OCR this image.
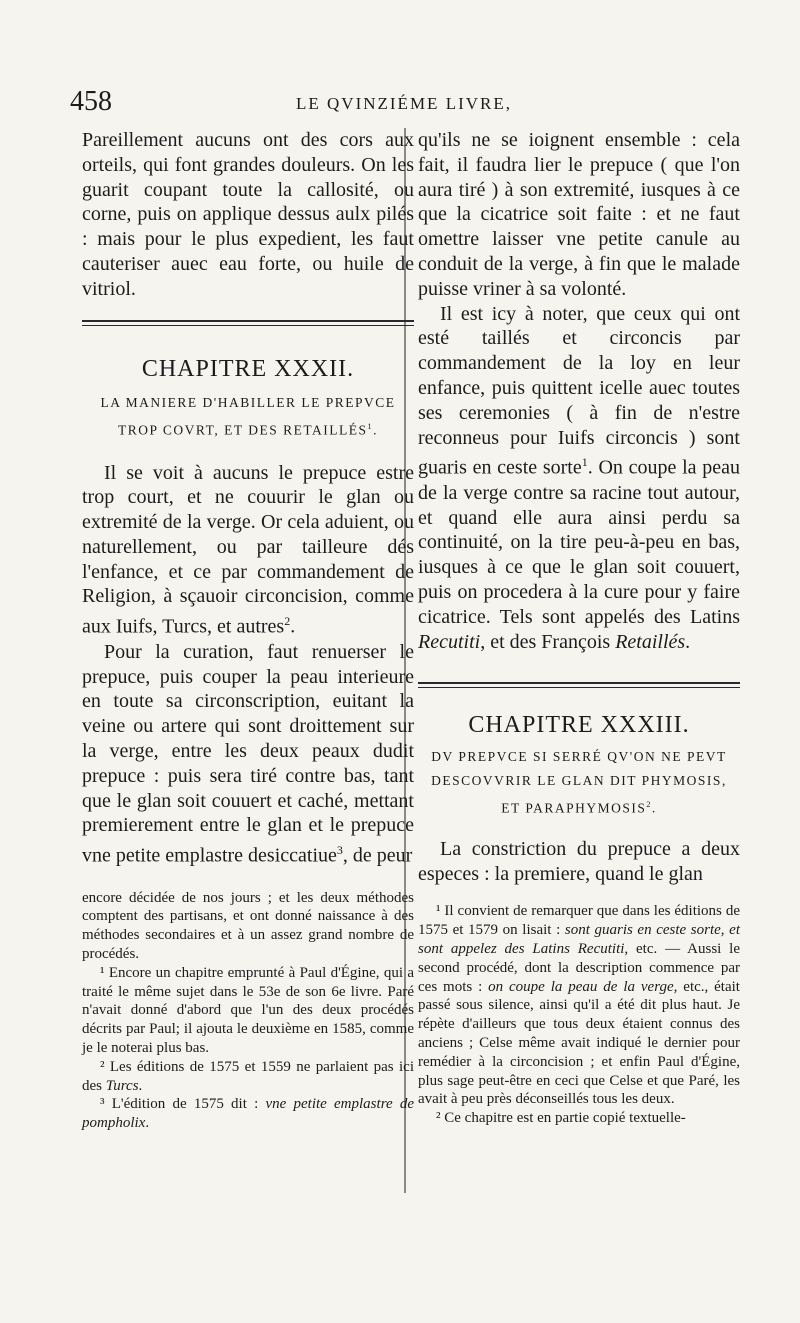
458	LE QVINZIÉME LIVRE,

Pareillement aucuns ont des cors aux orteils, qui font grandes douleurs. On les guarit coupant toute la callosité, ou corne, puis on applique dessus aulx pilés : mais pour le plus expedient, les faut cauteriser auec eau forte, ou huile de vitriol.

CHAPITRE XXXII.

LA MANIERE D'HABILLER LE PREPVCE

TROP COVRT, ET DES RETAILLÉS$^1$.

Il se voit à aucuns le prepuce estre trop court, et ne couurir le glan ou extremité de la verge. Or cela aduient, ou naturellement, ou par tailleure dés l'enfance, et ce par commandement de Religion, à sçauoir circoncision, comme aux Iuifs, Turcs, et autres$^2$.

Pour la curation, faut renuerser le prepuce, puis couper la peau interieure en toute sa circonscription, euitant la veine ou artere qui sont droittement sur la verge, entre les deux peaux dudit prepuce : puis sera tiré contre bas, tant que le glan soit couuert et caché, mettant premierement entre le glan et le prepuce vne petite emplastre desiccatiue$^3$, de peur

encore décidée de nos jours ; et les deux méthodes comptent des partisans, et ont donné naissance à des méthodes secondaires et à un assez grand nombre de procédés.

¹ Encore un chapitre emprunté à Paul d'Égine, qui a traité le même sujet dans le 53e de son 6e livre. Paré n'avait donné d'abord que l'un des deux procédés décrits par Paul; il ajouta le deuxième en 1585, comme je le noterai plus bas.

² Les éditions de 1575 et 1559 ne parlaient pas ici des Turcs.

³ L'édition de 1575 dit : vne petite emplastre de pompholix.

qu'ils ne se ioignent ensemble : cela fait, il faudra lier le prepuce ( que l'on aura tiré ) à son extremité, iusques à ce que la cicatrice soit faite : et ne faut omettre laisser vne petite canule au conduit de la verge, à fin que le malade puisse vriner à sa volonté.

Il est icy à noter, que ceux qui ont esté taillés et circoncis par commandement de la loy en leur enfance, puis quittent icelle auec toutes ses ceremonies ( à fin de n'estre reconneus pour Iuifs circoncis ) sont guaris en ceste sorte$^1$. On coupe la peau de la verge contre sa racine tout autour, et quand elle aura ainsi perdu sa continuité, on la tire peu-à-peu en bas, iusques à ce que le glan soit couuert, puis on procedera à la cure pour y faire cicatrice. Tels sont appelés des Latins Recutiti, et des François Retaillés.

CHAPITRE XXXIII.

DV PREPVCE SI SERRÉ QV'ON NE PEVT

DESCOVVRIR LE GLAN DIT PHYMOSIS,

ET PARAPHYMOSIS$^2$.

La constriction du prepuce a deux especes : la premiere, quand le glan

¹ Il convient de remarquer que dans les éditions de 1575 et 1579 on lisait : sont guaris en ceste sorte, et sont appelez des Latins Recutiti, etc. — Aussi le second procédé, dont la description commence par ces mots : on coupe la peau de la verge, etc., était passé sous silence, ainsi qu'il a été dit plus haut. Je répète d'ailleurs que tous deux étaient connus des anciens ; Celse même avait indiqué le dernier pour remédier à la circoncision ; et enfin Paul d'Égine, plus sage peut-être en ceci que Celse et que Paré, les avait à peu près déconseillés tous les deux.

² Ce chapitre est en partie copié textuelle-
